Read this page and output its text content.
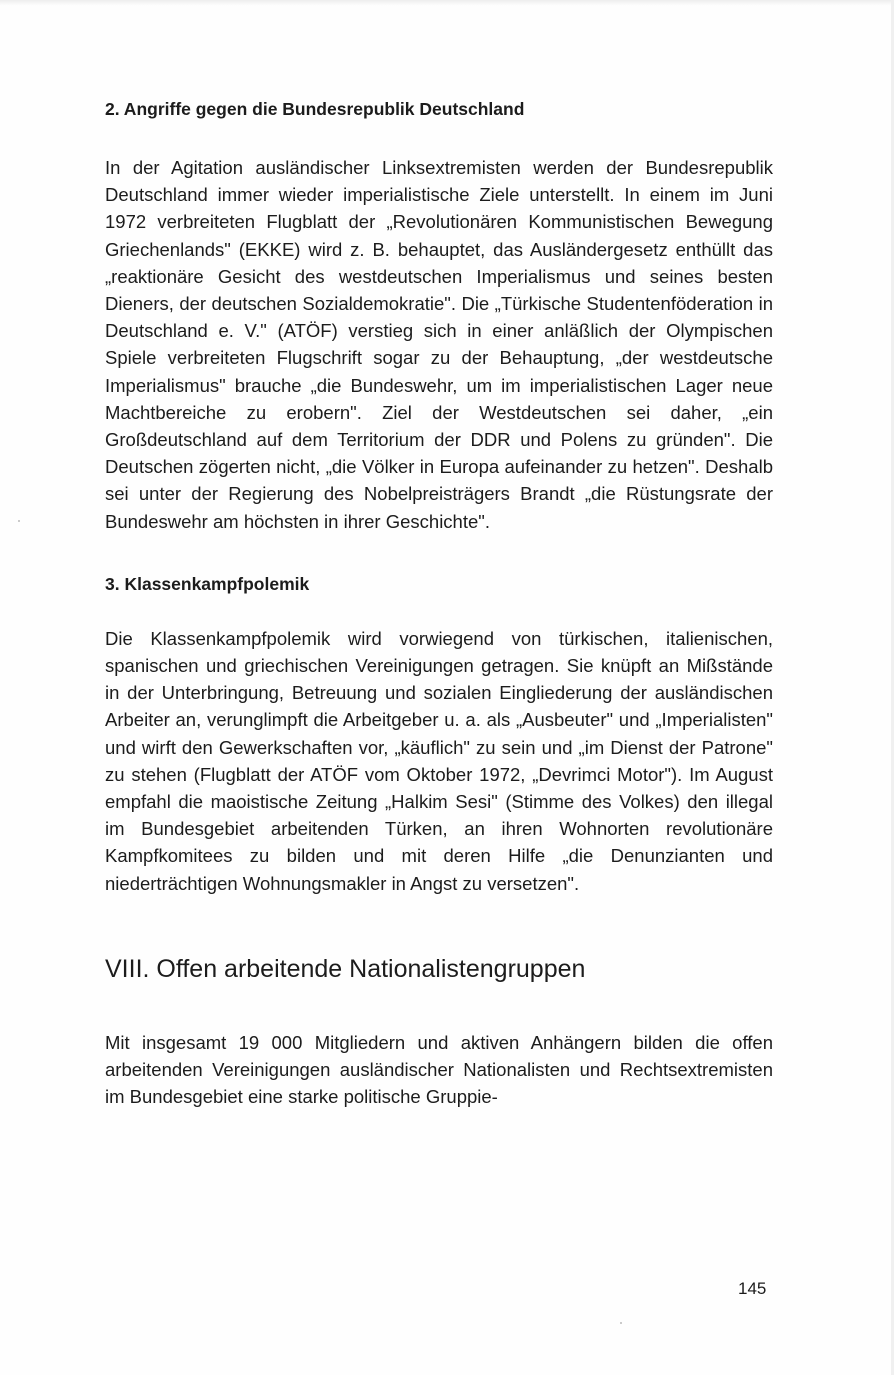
2. Angriffe gegen die Bundesrepublik Deutschland

In der Agitation ausländischer Linksextremisten werden der Bundesrepublik Deutschland immer wieder imperialistische Ziele unterstellt. In einem im Juni 1972 verbreiteten Flugblatt der „Revolutionären Kommunistischen Bewegung Griechenlands" (EKKE) wird z. B. behauptet, das Ausländergesetz enthüllt das „reaktionäre Gesicht des westdeutschen Imperialismus und seines besten Dieners, der deutschen Sozialdemokratie". Die „Türkische Studentenföderation in Deutschland e. V." (ATÖF) verstieg sich in einer anläßlich der Olympischen Spiele verbreiteten Flugschrift sogar zu der Behauptung, „der westdeutsche Imperialismus" brauche „die Bundeswehr, um im imperialistischen Lager neue Machtbereiche zu erobern". Ziel der Westdeutschen sei daher, „ein Großdeutschland auf dem Territorium der DDR und Polens zu gründen". Die Deutschen zögerten nicht, „die Völker in Europa aufeinander zu hetzen". Deshalb sei unter der Regierung des Nobelpreisträgers Brandt „die Rüstungsrate der Bundeswehr am höchsten in ihrer Geschichte".

3. Klassenkampfpolemik

Die Klassenkampfpolemik wird vorwiegend von türkischen, italienischen, spanischen und griechischen Vereinigungen getragen. Sie knüpft an Mißstände in der Unterbringung, Betreuung und sozialen Eingliederung der ausländischen Arbeiter an, verunglimpft die Arbeitgeber u. a. als „Ausbeuter" und „Imperialisten" und wirft den Gewerkschaften vor, „käuflich" zu sein und „im Dienst der Patrone" zu stehen (Flugblatt der ATÖF vom Oktober 1972, „Devrimci Motor"). Im August empfahl die maoistische Zeitung „Halkim Sesi" (Stimme des Volkes) den illegal im Bundesgebiet arbeitenden Türken, an ihren Wohnorten revolutionäre Kampfkomitees zu bilden und mit deren Hilfe „die Denunzianten und niederträchtigen Wohnungsmakler in Angst zu versetzen".

VIII. Offen arbeitende Nationalistengruppen

Mit insgesamt 19 000 Mitgliedern und aktiven Anhängern bilden die offen arbeitenden Vereinigungen ausländischer Nationalisten und Rechtsextremisten im Bundesgebiet eine starke politische Gruppie-

145
